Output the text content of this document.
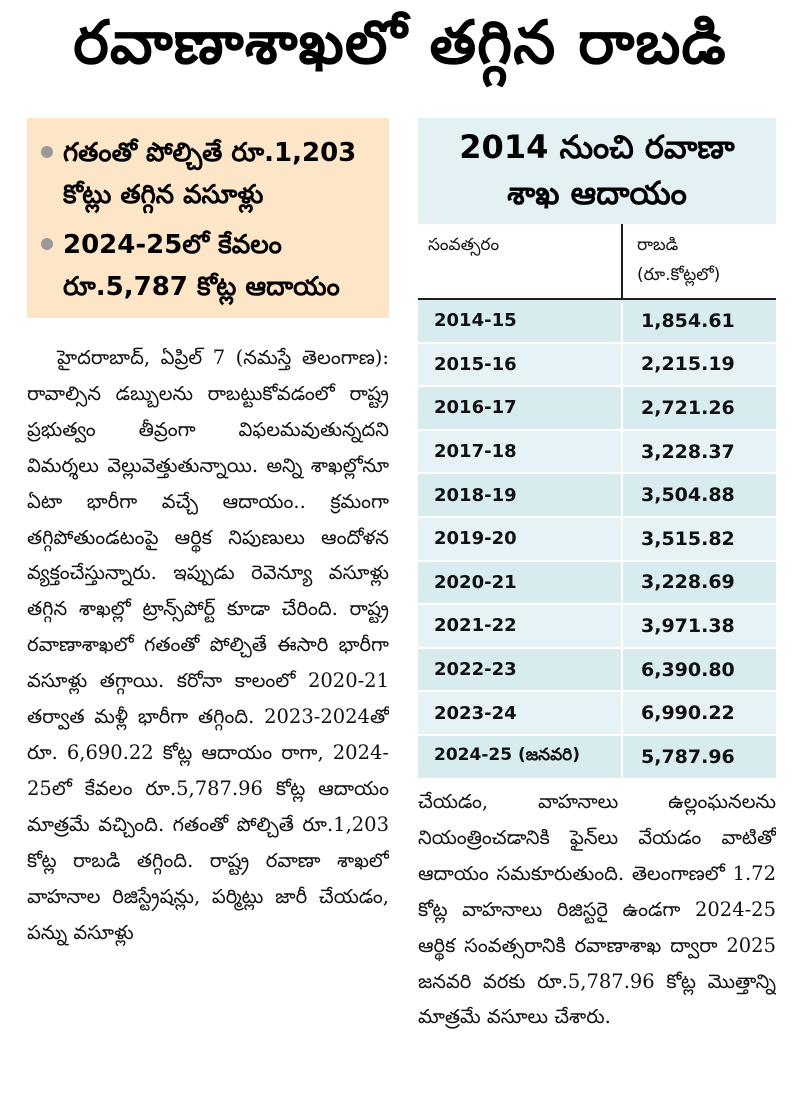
రవాణాశాఖలో తగ్గిన రాబడి
గతంతో పోల్చితే రూ.1,203 కోట్లు తగ్గిన వసూళ్లు
2024-25లో కేవలం రూ.5,787 కోట్ల ఆదాయం
హైదరాబాద్, ఏప్రిల్ 7 (నమస్తే తెలంగాణ): రావాల్సిన డబ్బులను రాబట్టుకోవడంలో రాష్ట్ర ప్రభుత్వం తీవ్రంగా విఫలమవుతున్నదని విమర్శలు వెల్లువెత్తుతున్నాయి. అన్ని శాఖల్లోనూ ఏటా భారీగా వచ్చే ఆదాయం.. క్రమంగా తగ్గిపోతుండటంపై ఆర్థిక నిపుణులు ఆందోళన వ్యక్తంచేస్తున్నారు. ఇప్పుడు రెవెన్యూ వసూళ్లు తగ్గిన శాఖల్లో ట్రాన్స్‌పోర్ట్ కూడా చేరింది. రాష్ట్ర రవాణాశాఖలో గతంతో పోల్చితే ఈసారి భారీగా వసూళ్లు తగ్గాయి. కరోనా కాలంలో 2020-21 తర్వాత మళ్లీ భారీగా తగ్గింది. 2023-2024తో రూ. 6,690.22 కోట్ల ఆదాయం రాగా, 2024-25లో కేవలం రూ.5,787.96 కోట్ల ఆదాయం మాత్రమే వచ్చింది. గతంతో పోల్చితే రూ.1,203 కోట్ల రాబడి తగ్గింది. రాష్ట్ర రవాణా శాఖలో వాహనాల రిజిస్ట్రేషన్లు, పర్మిట్లు జారీ చేయడం, పన్ను వసూళ్లు
2014 నుంచి రవాణా
శాఖ ఆదాయం
సంవత్సరం	రాబడి
(రూ.కోట్లలో)
2014-15	1,854.61
2015-16	2,215.19
2016-17	2,721.26
2017-18	3,228.37
2018-19	3,504.88
2019-20	3,515.82
2020-21	3,228.69
2021-22	3,971.38
2022-23	6,390.80
2023-24	6,990.22
2024-25 (జనవరి)	5,787.96
చేయడం, వాహనాలు ఉల్లంఘనలను నియంత్రించడానికి ఫైన్‌లు వేయడం వాటితో ఆదాయం సమకూరుతుంది. తెలంగాణలో 1.72 కోట్ల వాహనాలు రిజిస్టరై ఉండగా 2024-25 ఆర్థిక సంవత్సరానికి రవాణాశాఖ ద్వారా 2025 జనవరి వరకు రూ.5,787.96 కోట్ల మొత్తాన్ని మాత్రమే వసూలు చేశారు.
